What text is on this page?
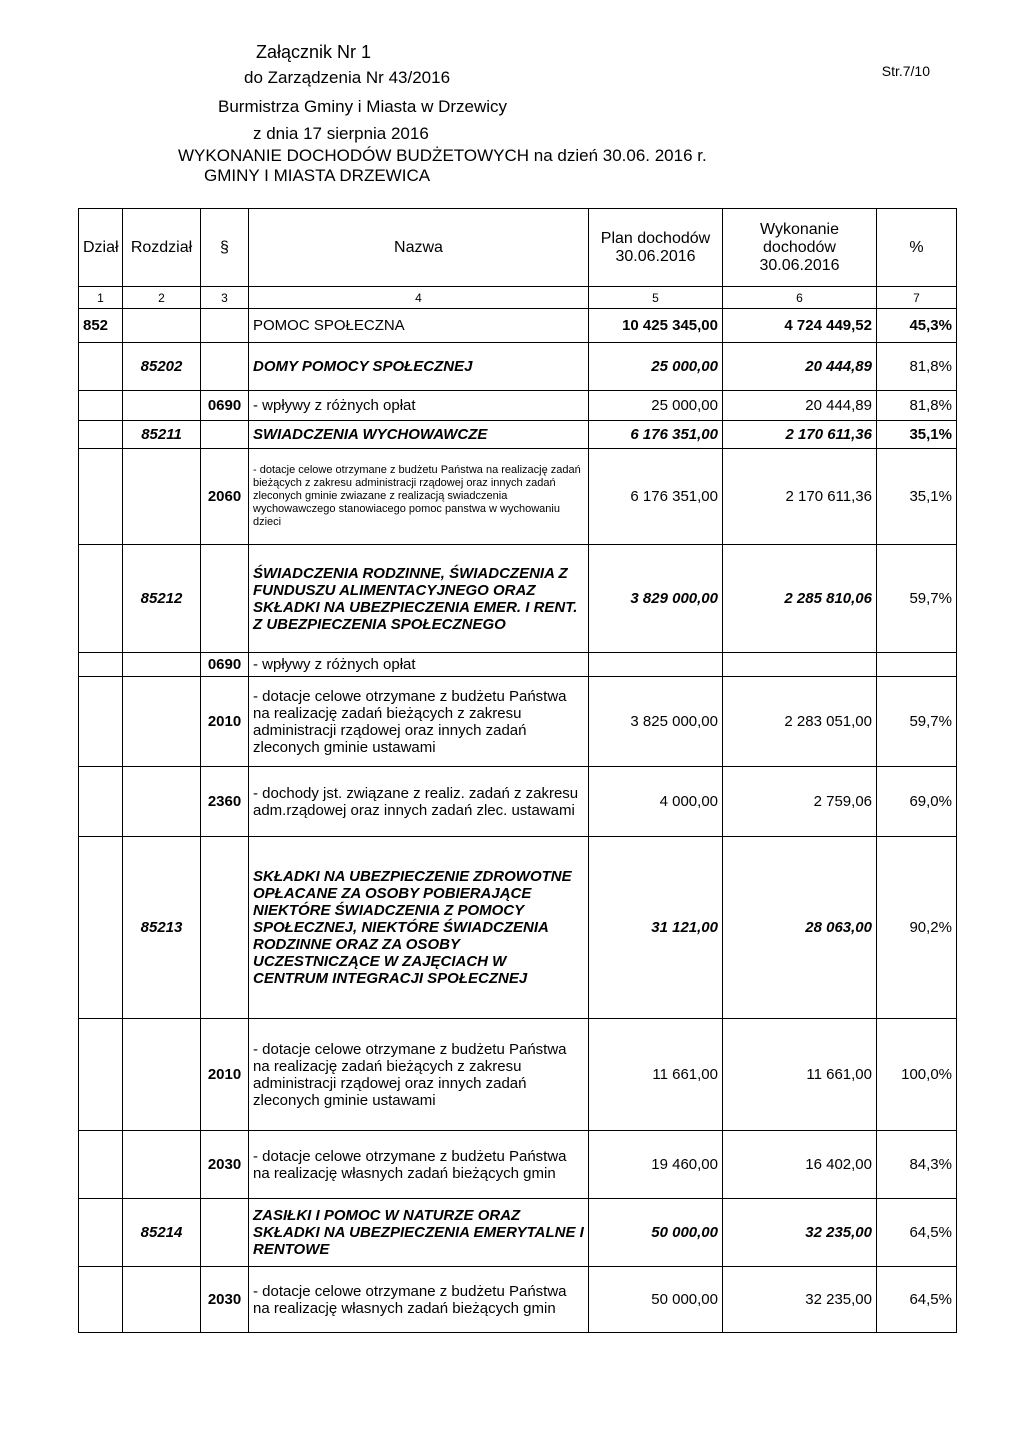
Załącznik Nr 1
do Zarządzenia Nr 43/2016
Burmistrza Gminy i Miasta w Drzewicy
z dnia 17 sierpnia 2016
WYKONANIE DOCHODÓW BUDŻETOWYCH na dzień 30.06. 2016 r.
GMINY I MIASTA DRZEWICA
Str.7/10
Dział	Rozdział	§	Nazwa	Plan dochodów 30.06.2016	Wykonanie dochodów 30.06.2016	%
1	2	3	4	5	6	7
852			POMOC SPOŁECZNA	10 425 345,00	4 724 449,52	45,3%
	85202		DOMY POMOCY SPOŁECZNEJ	25 000,00	20 444,89	81,8%
		0690	- wpływy z różnych opłat	25 000,00	20 444,89	81,8%
	85211		SWIADCZENIA WYCHOWAWCZE	6 176 351,00	2 170 611,36	35,1%
		2060	- dotacje celowe otrzymane z budżetu Państwa na realizację zadań bieżących z zakresu administracji rządowej oraz innych zadań zleconych gminie zwiazane z realizacją swiadczenia wychowawczego stanowiacego pomoc panstwa w wychowaniu dzieci	6 176 351,00	2 170 611,36	35,1%
	85212		ŚWIADCZENIA RODZINNE, ŚWIADCZENIA Z FUNDUSZU ALIMENTACYJNEGO ORAZ SKŁADKI NA UBEZPIECZENIA EMER. I RENT. Z UBEZPIECZENIA SPOŁECZNEGO	3 829 000,00	2 285 810,06	59,7%
		0690	- wpływy z różnych opłat			
		2010	- dotacje celowe otrzymane z budżetu Państwa na realizację zadań bieżących z zakresu administracji rządowej oraz innych zadań zleconych gminie ustawami	3 825 000,00	2 283 051,00	59,7%
		2360	- dochody jst. związane z realiz. zadań z zakresu adm.rządowej oraz innych zadań zlec. ustawami	4 000,00	2 759,06	69,0%
	85213		SKŁADKI NA UBEZPIECZENIE ZDROWOTNE OPŁACANE ZA OSOBY POBIERAJĄCE NIEKTÓRE ŚWIADCZENIA Z POMOCY SPOŁECZNEJ, NIEKTÓRE ŚWIADCZENIA RODZINNE ORAZ ZA OSOBY UCZESTNICZĄCE W ZAJĘCIACH W CENTRUM INTEGRACJI SPOŁECZNEJ	31 121,00	28 063,00	90,2%
		2010	- dotacje celowe otrzymane z budżetu Państwa na realizację zadań bieżących z zakresu administracji rządowej oraz innych zadań zleconych gminie ustawami	11 661,00	11 661,00	100,0%
		2030	- dotacje celowe otrzymane z budżetu Państwa na realizację własnych zadań bieżących gmin	19 460,00	16 402,00	84,3%
	85214		ZASIŁKI I POMOC W NATURZE ORAZ SKŁADKI NA UBEZPIECZENIA EMERYTALNE I RENTOWE	50 000,00	32 235,00	64,5%
		2030	- dotacje celowe otrzymane z budżetu Państwa na realizację własnych zadań bieżących gmin	50 000,00	32 235,00	64,5%
